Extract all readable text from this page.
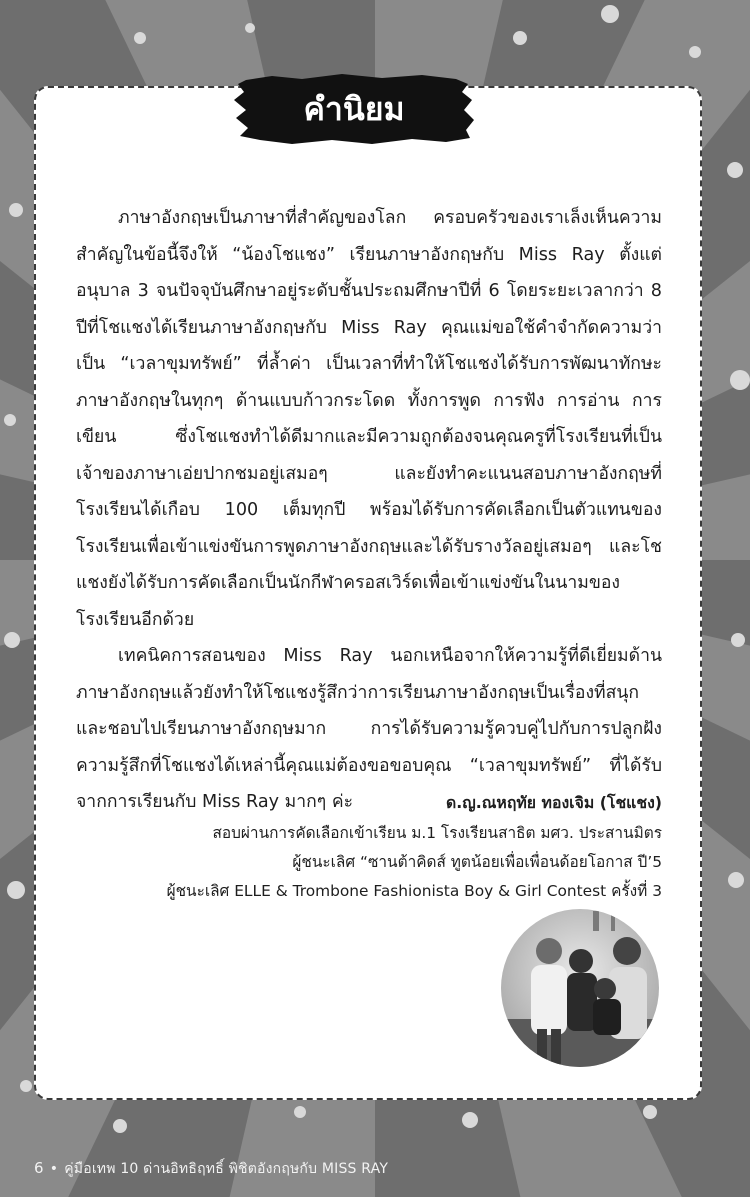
คำนิยม

ภาษาอังกฤษเป็นภาษาที่สำคัญของโลก ครอบครัวของเราเล็งเห็นความสำคัญในข้อนี้จึงให้ “น้องโชแชง” เรียนภาษาอังกฤษกับ Miss Ray ตั้งแต่อนุบาล 3 จนปัจจุบันศึกษาอยู่ระดับชั้นประถมศึกษาปีที่ 6 โดยระยะเวลากว่า 8 ปีที่โชแชงได้เรียนภาษาอังกฤษกับ Miss Ray คุณแม่ขอใช้คำจำกัดความว่าเป็น “เวลาขุมทรัพย์” ที่ล้ำค่า เป็นเวลาที่ทำให้โชแชงได้รับการพัฒนาทักษะภาษาอังกฤษในทุกๆ ด้านแบบก้าวกระโดด ทั้งการพูด การฟัง การอ่าน การเขียน ซึ่งโชแชงทำได้ดีมากและมีความถูกต้องจนคุณครูที่โรงเรียนที่เป็นเจ้าของภาษาเอ่ยปากชมอยู่เสมอๆ และยังทำคะแนนสอบภาษาอังกฤษที่โรงเรียนได้เกือบ 100 เต็มทุกปี พร้อมได้รับการคัดเลือกเป็นตัวแทนของโรงเรียนเพื่อเข้าแข่งขันการพูดภาษาอังกฤษและได้รับรางวัลอยู่เสมอๆ และโชแชงยังได้รับการคัดเลือกเป็นนักกีฬาครอสเวิร์ดเพื่อเข้าแข่งขันในนามของโรงเรียนอีกด้วย

เทคนิคการสอนของ Miss Ray นอกเหนือจากให้ความรู้ที่ดีเยี่ยมด้านภาษาอังกฤษแล้วยังทำให้โชแชงรู้สึกว่าการเรียนภาษาอังกฤษเป็นเรื่องที่สนุก และชอบไปเรียนภาษาอังกฤษมาก การได้รับความรู้ควบคู่ไปกับการปลูกฝังความรู้สึกที่โชแชงได้เหล่านี้คุณแม่ต้องขอขอบคุณ “เวลาขุมทรัพย์” ที่ได้รับจากการเรียนกับ Miss Ray มากๆ ค่ะ	ด.ญ.ณหฤทัย ทองเจิม (โชแชง)
สอบผ่านการคัดเลือกเข้าเรียน ม.1 โรงเรียนสาธิต มศว. ประสานมิตร
ผู้ชนะเลิศ “ซานต้าคิดส์ ทูตน้อยเพื่อเพื่อนด้อยโอกาส ปี’5
ผู้ชนะเลิศ ELLE & Trombone Fashionista Boy & Girl Contest ครั้งที่ 3
6 • คู่มือเทพ 10 ด่านอิทธิฤทธิ์ พิชิตอังกฤษกับ MISS RAY
